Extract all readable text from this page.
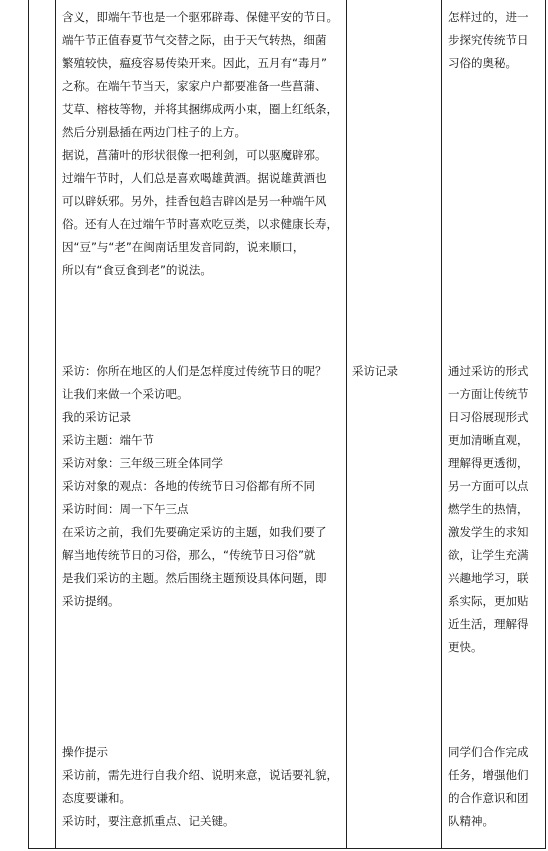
含义，即端午节也是一个驱邪辟毒、保健平安的节日。

端午节正值春夏节气交替之际，由于天气转热，细菌

繁殖较快，瘟疫容易传染开来。因此，五月有“毒月”

之称。在端午节当天，家家户户都要准备一些菖蒲、

艾草、榕枝等物，并将其捆绑成两小束，圈上红纸条，

然后分别悬插在两边门柱子的上方。

据说，菖蒲叶的形状很像一把利剑，可以驱魔辟邪。

过端午节时，人们总是喜欢喝雄黄酒。据说雄黄酒也

可以辟妖邪。另外，挂香包趋吉辟凶是另一种端午风

俗。还有人在过端午节时喜欢吃豆类，以求健康长寿，

因“豆”与“老”在闽南话里发音同韵，说来顺口，

所以有“食豆食到老”的说法。

怎样过的，进一

步探究传统节日

习俗的奥秘。

采访：你所在地区的人们是怎样度过传统节日的呢？

让我们来做一个采访吧。

我的采访记录

采访主题：端午节

采访对象：三年级三班全体同学

采访对象的观点：各地的传统节日习俗都有所不同

采访时间：周一下午三点

在采访之前，我们先要确定采访的主题，如我们要了

解当地传统节日的习俗，那么，“传统节日习俗”就

是我们采访的主题。然后围绕主题预设具体问题，即

采访提纲。

采访记录	通过采访的形式

一方面让传统节

日习俗展现形式

更加清晰直观，

理解得更透彻，

另一方面可以点

燃学生的热情，

激发学生的求知

欲，让学生充满

兴趣地学习，联

系实际，更加贴

近生活，理解得

更快。

操作提示

采访前，需先进行自我介绍、说明来意，说话要礼貌，

态度要谦和。

采访时，要注意抓重点、记关键。

同学们合作完成

任务，增强他们

的合作意识和团

队精神。
